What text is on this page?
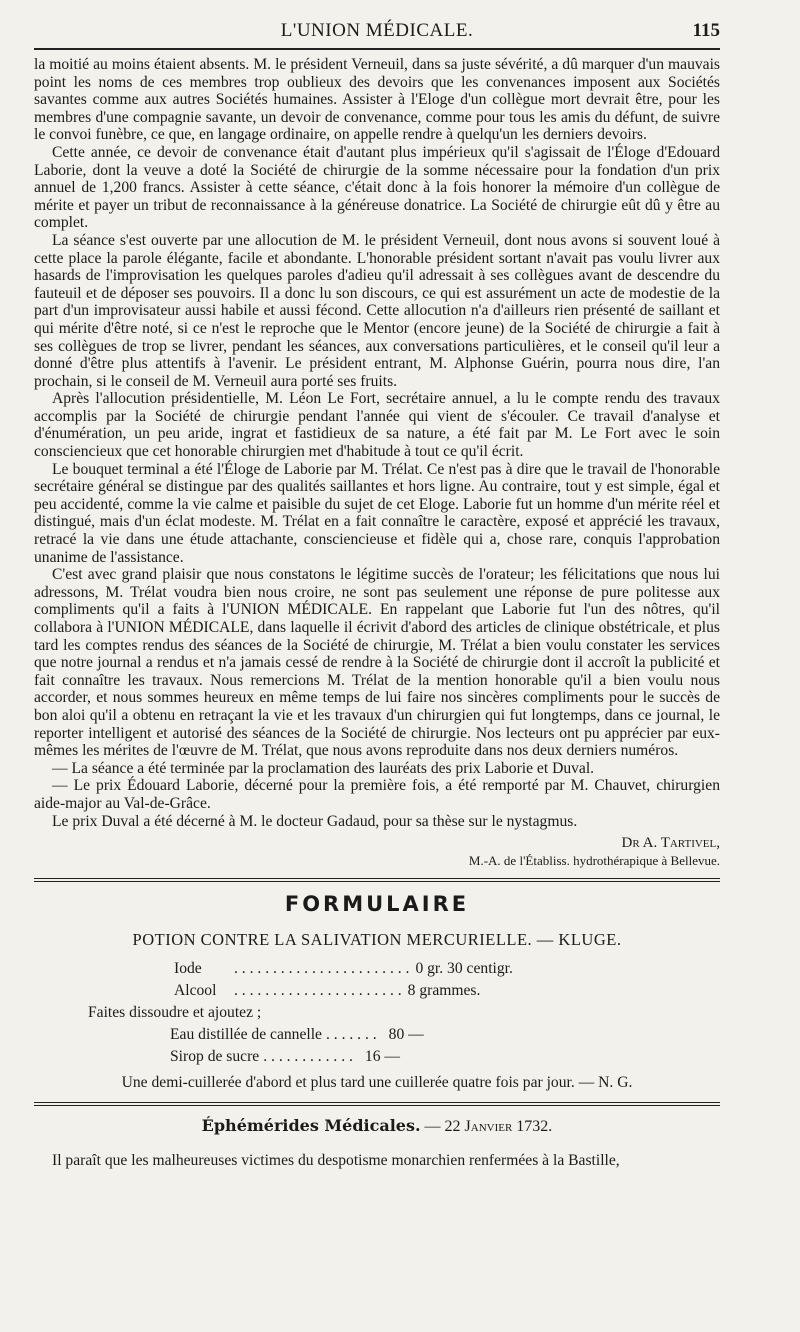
L'UNION MÉDICALE.	115

la moitié au moins étaient absents. M. le président Verneuil, dans sa juste sévérité, a dû marquer d'un mauvais point les noms de ces membres trop oublieux des devoirs que les convenances imposent aux Sociétés savantes comme aux autres Sociétés humaines. Assister à l'Eloge d'un collègue mort devrait être, pour les membres d'une compagnie savante, un devoir de convenance, comme pour tous les amis du défunt, de suivre le convoi funèbre, ce que, en langage ordinaire, on appelle rendre à quelqu'un les derniers devoirs.

Cette année, ce devoir de convenance était d'autant plus impérieux qu'il s'agissait de l'Éloge d'Edouard Laborie, dont la veuve a doté la Société de chirurgie de la somme nécessaire pour la fondation d'un prix annuel de 1,200 francs. Assister à cette séance, c'était donc à la fois honorer la mémoire d'un collègue de mérite et payer un tribut de reconnaissance à la généreuse donatrice. La Société de chirurgie eût dû y être au complet.

La séance s'est ouverte par une allocution de M. le président Verneuil, dont nous avons si souvent loué à cette place la parole élégante, facile et abondante. L'honorable président sortant n'avait pas voulu livrer aux hasards de l'improvisation les quelques paroles d'adieu qu'il adressait à ses collègues avant de descendre du fauteuil et de déposer ses pouvoirs. Il a donc lu son discours, ce qui est assurément un acte de modestie de la part d'un improvisateur aussi habile et aussi fécond. Cette allocution n'a d'ailleurs rien présenté de saillant et qui mérite d'être noté, si ce n'est le reproche que le Mentor (encore jeune) de la Société de chirurgie a fait à ses collègues de trop se livrer, pendant les séances, aux conversations particulières, et le conseil qu'il leur a donné d'être plus attentifs à l'avenir. Le président entrant, M. Alphonse Guérin, pourra nous dire, l'an prochain, si le conseil de M. Verneuil aura porté ses fruits.

Après l'allocution présidentielle, M. Léon Le Fort, secrétaire annuel, a lu le compte rendu des travaux accomplis par la Société de chirurgie pendant l'année qui vient de s'écouler. Ce travail d'analyse et d'énumération, un peu aride, ingrat et fastidieux de sa nature, a été fait par M. Le Fort avec le soin consciencieux que cet honorable chirurgien met d'habitude à tout ce qu'il écrit.

Le bouquet terminal a été l'Éloge de Laborie par M. Trélat. Ce n'est pas à dire que le travail de l'honorable secrétaire général se distingue par des qualités saillantes et hors ligne. Au contraire, tout y est simple, égal et peu accidenté, comme la vie calme et paisible du sujet de cet Eloge. Laborie fut un homme d'un mérite réel et distingué, mais d'un éclat modeste. M. Trélat en a fait connaître le caractère, exposé et apprécié les travaux, retracé la vie dans une étude attachante, consciencieuse et fidèle qui a, chose rare, conquis l'approbation unanime de l'assistance.

C'est avec grand plaisir que nous constatons le légitime succès de l'orateur; les félicitations que nous lui adressons, M. Trélat voudra bien nous croire, ne sont pas seulement une réponse de pure politesse aux compliments qu'il a faits à l'UNION MÉDICALE. En rappelant que Laborie fut l'un des nôtres, qu'il collabora à l'UNION MÉDICALE, dans laquelle il écrivit d'abord des articles de clinique obstétricale, et plus tard les comptes rendus des séances de la Société de chirurgie, M. Trélat a bien voulu constater les services que notre journal a rendus et n'a jamais cessé de rendre à la Société de chirurgie dont il accroît la publicité et fait connaître les travaux. Nous remercions M. Trélat de la mention honorable qu'il a bien voulu nous accorder, et nous sommes heureux en même temps de lui faire nos sincères compliments pour le succès de bon aloi qu'il a obtenu en retraçant la vie et les travaux d'un chirurgien qui fut longtemps, dans ce journal, le reporter intelligent et autorisé des séances de la Société de chirurgie. Nos lecteurs ont pu apprécier par eux-mêmes les mérites de l'œuvre de M. Trélat, que nous avons reproduite dans nos deux derniers numéros.

— La séance a été terminée par la proclamation des lauréats des prix Laborie et Duval.

— Le prix Édouard Laborie, décerné pour la première fois, a été remporté par M. Chauvet, chirurgien aide-major au Val-de-Grâce.

Le prix Duval a été décerné à M. le docteur Gadaud, pour sa thèse sur le nystagmus.

Dr A. Tartivel,
M.-A. de l'Établiss. hydrothérapique à Bellevue.
FORMULAIRE
POTION CONTRE LA SALIVATION MERCURIELLE. — KLUGE.
Iode	. . . . . . . . . . . . . . . . . . . . . . . 0 gr. 30 centigr.
Alcool	. . . . . . . . . . . . . . . . . . . . . . 8 grammes.
Faites dissoudre et ajoutez ;
Eau distillée de cannelle . . . . . . . 80 —
Sirop de sucre . . . . . . . . . . . . 16 —
Une demi-cuillerée d'abord et plus tard une cuillerée quatre fois par jour. — N. G.
Éphémérides Médicales. — 22 Janvier 1732.

Il paraît que les malheureuses victimes du despotisme monarchien renfermées à la Bastille,
